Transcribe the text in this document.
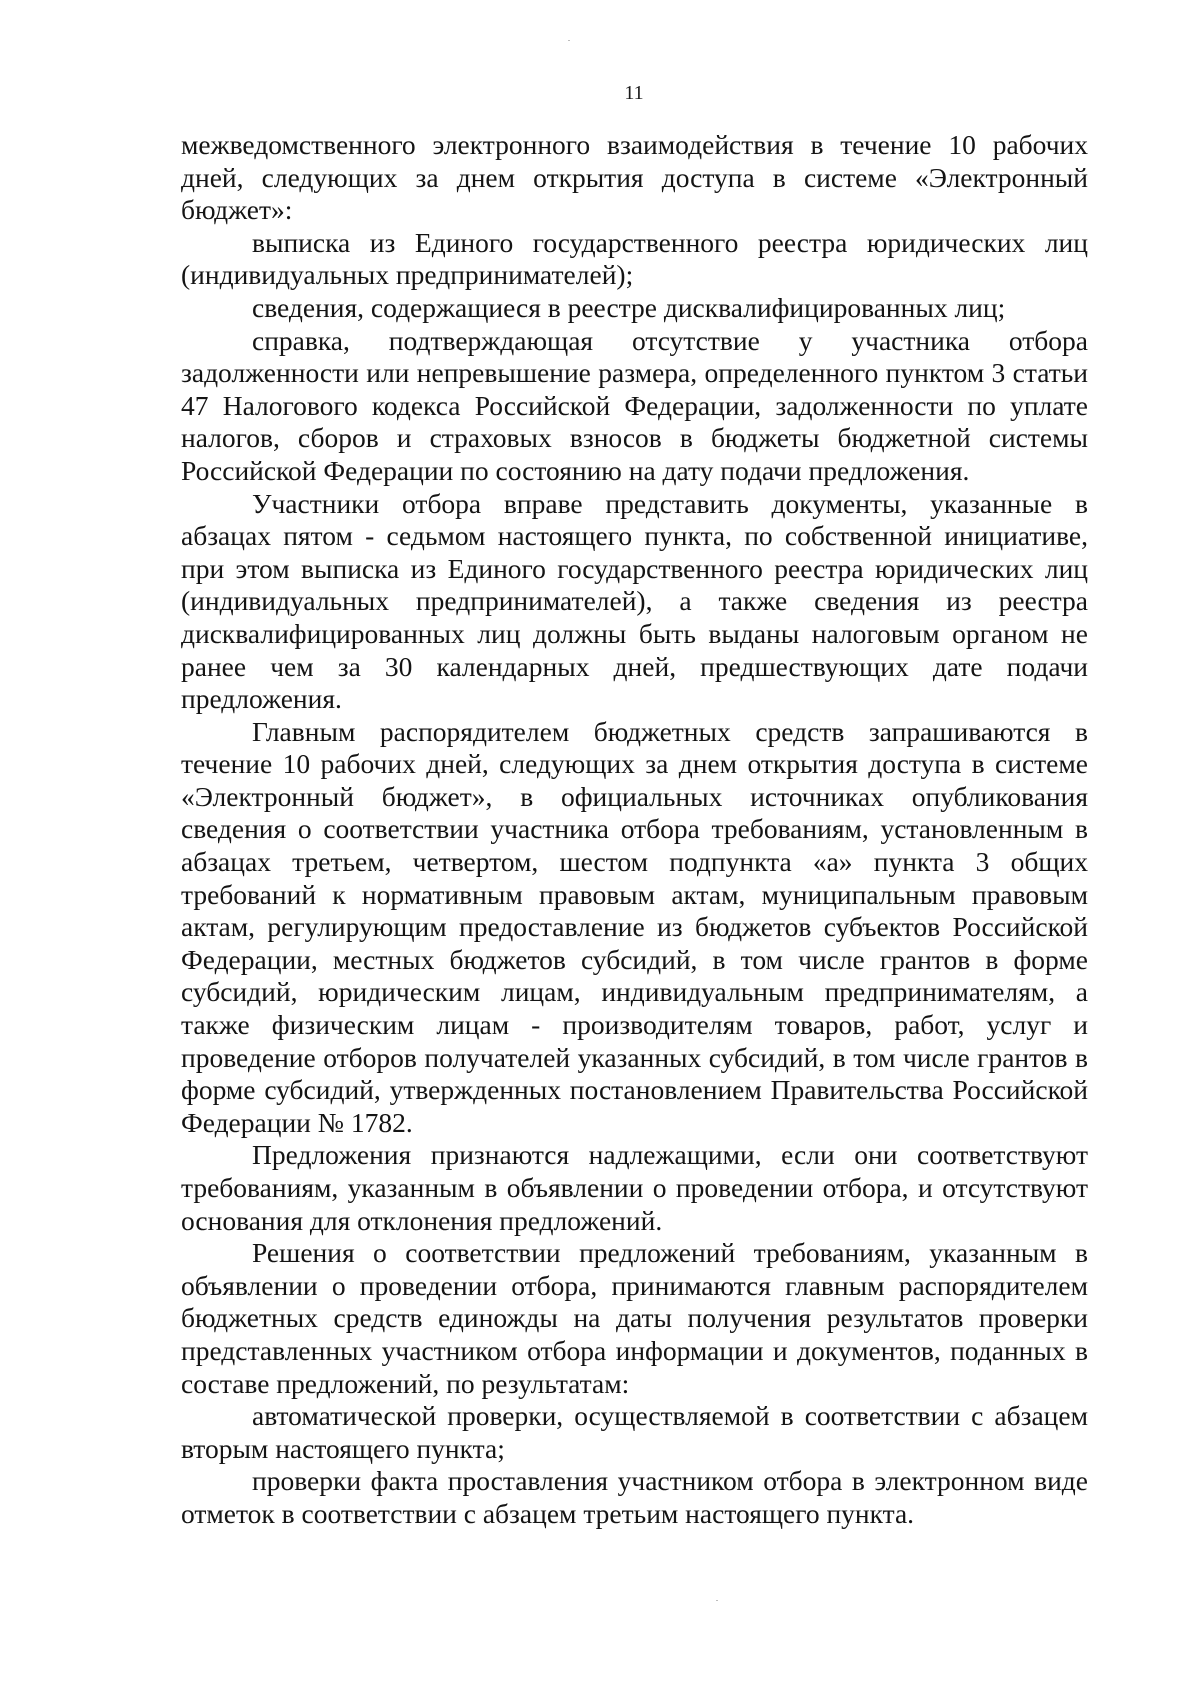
11

межведомственного электронного взаимодействия в течение 10 рабочих дней, следующих за днем открытия доступа в системе «Электронный бюджет»:

выписка из Единого государственного реестра юридических лиц (индивидуальных предпринимателей);

сведения, содержащиеся в реестре дисквалифицированных лиц;

справка, подтверждающая отсутствие у участника отбора задолженности или непревышение размера, определенного пунктом 3 статьи 47 Налогового кодекса Российской Федерации, задолженности по уплате налогов, сборов и страховых взносов в бюджеты бюджетной системы Российской Федерации по состоянию на дату подачи предложения.

Участники отбора вправе представить документы, указанные в абзацах пятом - седьмом настоящего пункта, по собственной инициативе, при этом выписка из Единого государственного реестра юридических лиц (индивидуальных предпринимателей), а также сведения из реестра дисквалифицированных лиц должны быть выданы налоговым органом не ранее чем за 30 календарных дней, предшествующих дате подачи предложения.

Главным распорядителем бюджетных средств запрашиваются в течение 10 рабочих дней, следующих за днем открытия доступа в системе «Электронный бюджет», в официальных источниках опубликования сведения о соответствии участника отбора требованиям, установленным в абзацах третьем, четвертом, шестом подпункта «а» пункта 3 общих требований к нормативным правовым актам, муниципальным правовым актам, регулирующим предоставление из бюджетов субъектов Российской Федерации, местных бюджетов субсидий, в том числе грантов в форме субсидий, юридическим лицам, индивидуальным предпринимателям, а также физическим лицам - производителям товаров, работ, услуг и проведение отборов получателей указанных субсидий, в том числе грантов в форме субсидий, утвержденных постановлением Правительства Российской Федерации № 1782.

Предложения признаются надлежащими, если они соответствуют требованиям, указанным в объявлении о проведении отбора, и отсутствуют основания для отклонения предложений.

Решения о соответствии предложений требованиям, указанным в объявлении о проведении отбора, принимаются главным распорядителем бюджетных средств единожды на даты получения результатов проверки представленных участником отбора информации и документов, поданных в составе предложений, по результатам:

автоматической проверки, осуществляемой в соответствии с абзацем вторым настоящего пункта;

проверки факта проставления участником отбора в электронном виде отметок в соответствии с абзацем третьим настоящего пункта.
